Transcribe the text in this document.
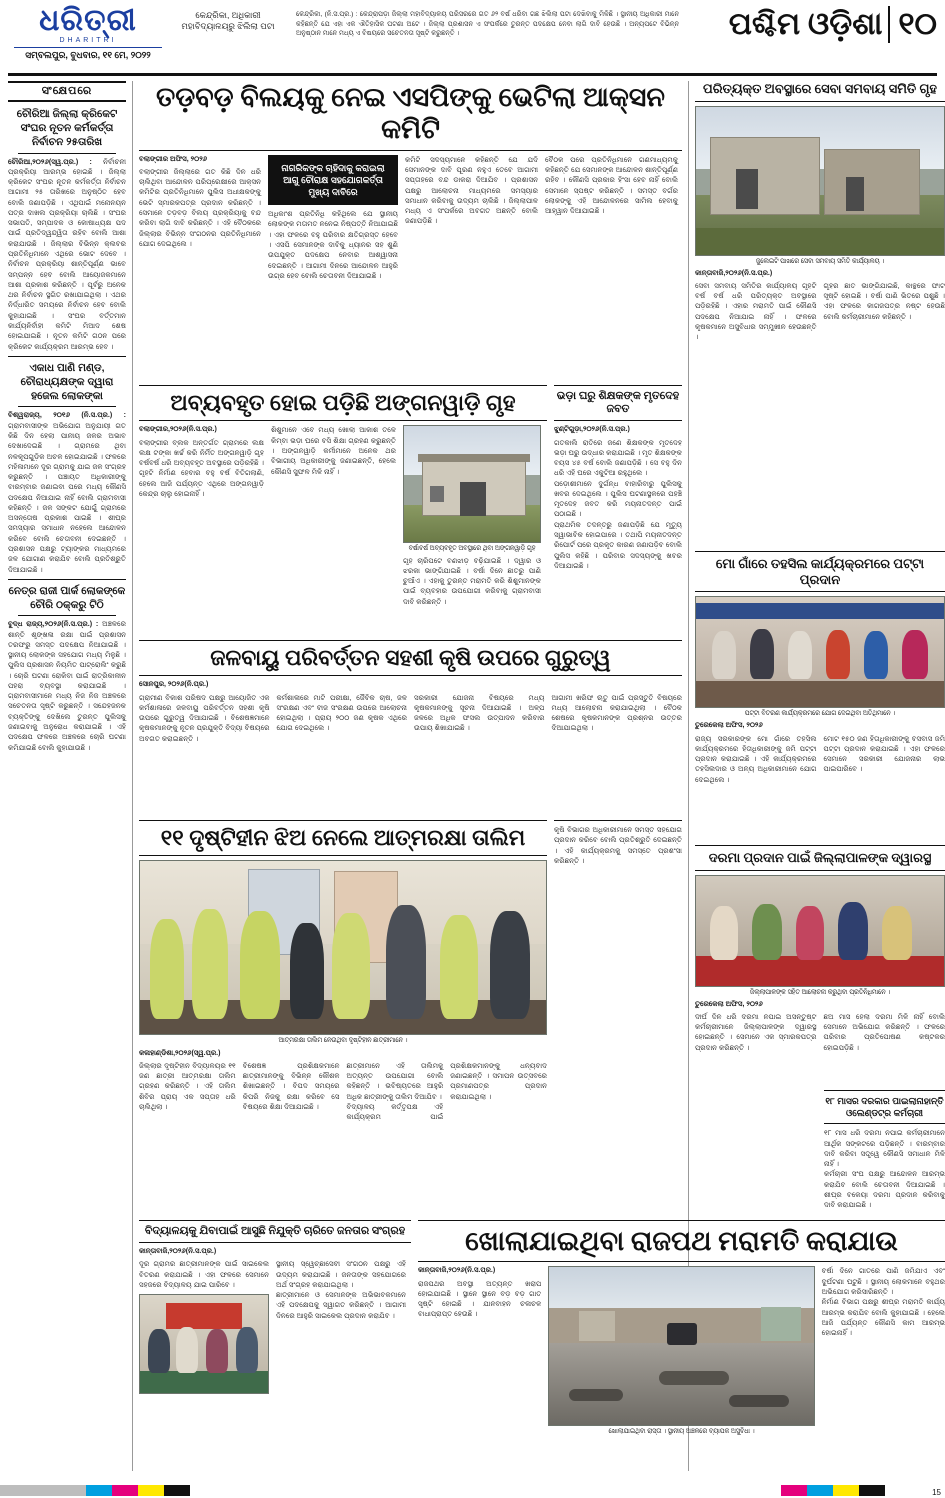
ଧରିତ୍ରୀ
DHARITRI
ସମ୍ବଲପୁର, ବୁଧବାର, ୧୧ ମେ, ୨୦୨୨
କେନ୍ଦ୍ରିକା, ଅଧିକାରୀ ମହାବିଦ୍ୟାଳୟରୁ ଝିଲିଲା ପଟା
କେନ୍ଦ୍ରିକା, (ନି.ସ.ପ୍ର.) : କେନ୍ଦ୍ରାପଡ଼ା ଜିଲ୍ଲା ମହାବିଦ୍ୟାଳୟ ପରିସରରେ ଗତ ୬୨ ବର୍ଷ ଧରିବା ଗଛ ଝିଲିଲା ପଟା ଦେଖିବାକୁ ମିଳିଛି । ସ୍ଥାନୀୟ ଅଧିକାରୀ ମାନେ କହିଛନ୍ତି ଯେ ଏହା ଏକ ଐତିହାସିକ ଘଟଣା ଅଟେ । ଜିଲ୍ଲା ପ୍ରଶାସନ ଏ ସଂପର୍କରେ ତୁରନ୍ତ ପଦକ୍ଷେପ ନେବା ଲାଗି ଦାବି ହେଉଛି । ଅନ୍ୟପଟେ ବିଭିନ୍ନ ଅନୁଷ୍ଠାନ ମାନେ ମଧ୍ୟ ଏ ବିଷୟରେ ସଚେତନତା ସୃଷ୍ଟି କରୁଛନ୍ତି ।	ପଶ୍ଚିମ ଓଡ଼ିଶା ୧୦
ସଂକ୍ଷେପରେ
ଚୌରିଆ ଜିଲ୍ଲା କ୍ରିକେଟ ସଂଘର ନୂତନ କର୍ମକର୍ତ୍ତା ନିର୍ବାଚନ ୨୫ତାରିଖ
ଚୌରିଆ,୨୦୨୬(ସ୍ୱ.ପ୍ର.) : ନିର୍ବାଚନୀ ପ୍ରକ୍ରିୟା ଆରମ୍ଭ ହୋଇଛି । ଜିଲ୍ଲା କ୍ରିକେଟ ସଂଘର ନୂତନ କର୍ମକର୍ତ୍ତା ନିର୍ବାଚନ ଆଗାମୀ ୨୫ ତାରିଖରେ ଅନୁଷ୍ଠିତ ହେବ ବୋଲି ଜଣାପଡ଼ିଛି । ଏଥିପାଇଁ ମନୋନୟନ ପତ୍ର ଦାଖଲ ପ୍ରକ୍ରିୟା ଚାଲିଛି । ସଂଘର ସଭାପତି, ସମ୍ପାଦକ ଓ କୋଷାଧ୍ୟକ୍ଷ ପଦ ପାଇଁ ପ୍ରତିଦ୍ୱନ୍ଦ୍ୱିତା ରହିବ ବୋଲି ଆଶା କରାଯାଉଛି । ଜିଲ୍ଲାର ବିଭିନ୍ନ କ୍ଲବର ପ୍ରତିନିଧିମାନେ ଏଥିରେ ଭୋଟ ଦେବେ । ନିର୍ବାଚନ ପ୍ରକ୍ରିୟା ଶାନ୍ତିପୂର୍ଣ୍ଣ ଭାବେ ସମ୍ପନ୍ନ ହେବ ବୋଲି ଆୟୋଜକମାନେ ଆଶା ପ୍ରକାଶ କରିଛନ୍ତି । ପୂର୍ବରୁ ଅନେକ ଥର ନିର୍ବାଚନ ସ୍ଥଗିତ ରଖାଯାଇଥିଲା । ଏଥର ନିର୍ଦ୍ଧାରିତ ସମୟରେ ନିର୍ବାଚନ ହେବ ବୋଲି କୁହାଯାଇଛି । ସଂଘର ବର୍ତ୍ତମାନ କାର୍ଯ୍ୟନିର୍ବାହୀ କମିଟି ମିଆଦ ଶେଷ ହୋଇଯାଇଛି । ନୂତନ କମିଟି ଗଠନ ପରେ କ୍ରିକେଟ କାର୍ଯ୍ୟକ୍ରମ ଆରମ୍ଭ ହେବ ।
ଏକାଧ ପାଣି ମଣ୍ଡ, ଚୌରାଧ୍ୟକ୍ଷଙ୍କ ଦ୍ୱାରା ହଜେଲ ଲୋକଙ୍କା
ବିଶ୍ୱରାଜ୍ୟ, ୨୦୧୬ (ନି.ସ.ପ୍ର.) : ଗ୍ରାମବାସୀଙ୍କ ଅଭିଯୋଗ ଅନୁଯାୟୀ ଗତ କିଛି ଦିନ ହେଲା ପାନୀୟ ଜଳର ଅଭାବ ଦେଖାଦେଇଛି । ଗ୍ରାମରେ ଥିବା ନଳକୂପଗୁଡ଼ିକ ଅଚଳ ହୋଇଯାଇଛି । ଫଳରେ ମହିଳାମାନେ ଦୂର ଗ୍ରାମକୁ ଯାଇ ଜଳ ସଂଗ୍ରହ କରୁଛନ୍ତି । ପଞ୍ଚାୟତ ଅଧିକାରୀଙ୍କୁ ବାରମ୍ବାର ଜଣାଇବା ପରେ ମଧ୍ୟ କୌଣସି ପଦକ୍ଷେପ ନିଆଯାଇ ନାହିଁ ବୋଲି ଗ୍ରାମବାସୀ କହିଛନ୍ତି । ଜଳ ସଙ୍କଟ ଯୋଗୁଁ ଗ୍ରାମରେ ଅସନ୍ତୋଷ ପ୍ରକାଶ ପାଇଛି । ଶୀଘ୍ର ସମସ୍ୟାର ସମାଧାନ ନହେଲେ ଆନ୍ଦୋଳନ କରିବେ ବୋଲି ଚେତାବନୀ ଦେଇଛନ୍ତି । ପ୍ରଶାସନ ପକ୍ଷରୁ ଟ୍ୟାଙ୍କର ମାଧ୍ୟମରେ ଜଳ ଯୋଗାଣ କରାଯିବ ବୋଲି ପ୍ରତିଶ୍ରୁତି ଦିଆଯାଇଛି ।
ନେତ୍ର ରାଜୀ ପାର୍କ ଲୋକଙ୍କେ ଚୌରି ଠକ୍କରୁ ଟିଠି
ବୁଦ୍ଧ ରାଜ୍ୟ,୨୦୨୬(ନି.ସ.ପ୍ର.) : ଅଞ୍ଚଳରେ ଶାନ୍ତି ଶୃଙ୍ଖଳା ରକ୍ଷା ପାଇଁ ପ୍ରଶାସନ ତରଫରୁ ସମସ୍ତ ପଦକ୍ଷେପ ନିଆଯାଇଛି । ସ୍ଥାନୀୟ ଲୋକଙ୍କ ସହଯୋଗ ମଧ୍ୟ ମିଳୁଛି । ପୁଲିସ ପ୍ରଶାସନ ନିୟମିତ ପାଟ୍ରୋଲିଂ କରୁଛି । ଚୋରି ଘଟଣା ରୋକିବା ପାଇଁ ରାତ୍ରିକାଳୀନ ପହରା ବ୍ୟବସ୍ଥା କରାଯାଇଛି । ଗ୍ରାମବାସୀମାନେ ମଧ୍ୟ ନିଜ ନିଜ ଅଞ୍ଚଳରେ ସଚେତନତା ସୃଷ୍ଟି କରୁଛନ୍ତି । ସନ୍ଦେହଜନକ ବ୍ୟକ୍ତିଙ୍କୁ ଦେଖିଲେ ତୁରନ୍ତ ପୁଲିସକୁ ଜଣାଇବାକୁ ଅନୁରୋଧ କରାଯାଇଛି । ଏହି ପଦକ୍ଷେପ ଫଳରେ ଅଞ୍ଚଳରେ ଚୋରି ଘଟଣା କମିଯାଇଛି ବୋଲି କୁହାଯାଉଛି ।
ତଡ଼ବଡ଼ ବିଲୟକୁ ନେଇ ଏସପିଙ୍କୁ ଭେଟିଲା ଆକ୍ସନ କମିଟି
ବଲାଙ୍ଗୀର ଅଫିସ, ୨୦୨୬
ବଲାଙ୍ଗୀର ଜିଲ୍ଲାରେ ଗତ କିଛି ଦିନ ଧରି ଚାଲିଥିବା ଆନ୍ଦୋଳନ ପରିପ୍ରେକ୍ଷୀରେ ଆକ୍ସନ କମିଟିର ପ୍ରତିନିଧିମାନେ ପୁଲିସ ଅଧୀକ୍ଷକଙ୍କୁ ଭେଟି ସ୍ମାରକପତ୍ର ପ୍ରଦାନ କରିଛନ୍ତି । ସେମାନେ ତଡ଼ବଡ଼ ବିଲୟ ପ୍ରକ୍ରିୟାକୁ ବନ୍ଦ କରିବା ଲାଗି ଦାବି କରିଛନ୍ତି । ଏହି ବୈଠକରେ ଜିଲ୍ଲାର ବିଭିନ୍ନ ସଂଗଠନର ପ୍ରତିନିଧିମାନେ ଯୋଗ ଦେଇଥିଲେ ।
ନାଗରିକଙ୍କ ଚାହିଦାକୁ କରାଇଲା ଆଗୁ ଚୌରାକ୍ଷ ସହଯୋଗକର୍ତ୍ତା ମୁଖ୍ୟ ଦାବିରେ
ଅଧିକାଂଶ ପ୍ରତିନିଧି କହିଥିଲେ ଯେ ସ୍ଥାନୀୟ ଲୋକଙ୍କ ମତାମତ ନନେଇ ନିଷ୍ପତ୍ତି ନିଆଯାଇଛି । ଏହା ଫଳରେ ବହୁ ପରିବାର କ୍ଷତିଗ୍ରସ୍ତ ହେବେ । ଏସପି ସେମାନଙ୍କ ଦାବିକୁ ଧ୍ୟାନର ସହ ଶୁଣି ଉପଯୁକ୍ତ ପଦକ୍ଷେପ ନେବାର ଆଶ୍ୱାସନା ଦେଇଛନ୍ତି । ଆଗାମୀ ଦିନରେ ଆନ୍ଦୋଳନ ଆହୁରି ଉଗ୍ର ହେବ ବୋଲି ଚେତାବନୀ ଦିଆଯାଇଛି ।
କମିଟି ସଦସ୍ୟମାନେ କହିଛନ୍ତି ଯେ ଯଦି ସେମାନଙ୍କ ଦାବି ପୂରଣ ନହୁଏ ତେବେ ଆଗାମୀ ସପ୍ତାହରେ ବନ୍ଦ ଡାକରା ଦିଆଯିବ । ପ୍ରଶାସନ ପକ୍ଷରୁ ଆଲୋଚନା ମାଧ୍ୟମରେ ସମସ୍ୟାର ସମାଧାନ କରିବାକୁ ଉଦ୍ୟମ ଚାଲିଛି । ଜିଲ୍ଲାପାଳ ମଧ୍ୟ ଏ ସଂପର୍କରେ ଅବଗତ ଅଛନ୍ତି ବୋଲି ଜଣାପଡ଼ିଛି ।
ବୈଠକ ପରେ ପ୍ରତିନିଧିମାନେ ଗଣମାଧ୍ୟମକୁ କହିଛନ୍ତି ଯେ ସେମାନଙ୍କ ଆନ୍ଦୋଳନ ଶାନ୍ତିପୂର୍ଣ୍ଣ ରହିବ । କୌଣସି ପ୍ରକାର ହିଂସା ହେବ ନାହିଁ ବୋଲି ସେମାନେ ସ୍ପଷ୍ଟ କରିଛନ୍ତି । ସମସ୍ତ ବର୍ଗର ଲୋକଙ୍କୁ ଏହି ଆନ୍ଦୋଳନରେ ସାମିଲ ହେବାକୁ ଆହ୍ୱାନ ଦିଆଯାଇଛି ।
ପରିତ୍ୟକ୍ତ ଅବସ୍ଥାରେ ସେବା ସମବାୟ ସମିତି ଗୃହ
ଜୁଲେଇଟି ପାଖରେ ସେବା ସମବାୟ ସମିତି କାର୍ଯ୍ୟାଳୟ ।
କାନ୍ତାବାଜି,୨୦୨୬(ନି.ସ.ପ୍ର.)
ସେବା ସମବାୟ ସମିତିର କାର୍ଯ୍ୟାଳୟ ଗୃହଟି ବର୍ଷ ବର୍ଷ ଧରି ପରିତ୍ୟକ୍ତ ଅବସ୍ଥାରେ ପଡ଼ିରହିଛି । ଏହାର ମରାମତି ପାଇଁ କୌଣସି ପଦକ୍ଷେପ ନିଆଯାଇ ନାହିଁ । ଫଳରେ କୃଷକମାନେ ଅସୁବିଧାର ସମ୍ମୁଖୀନ ହେଉଛନ୍ତି ।
ଗୃହର ଛାତ ଭାଙ୍ଗିଯାଇଛି, କାନ୍ଥରେ ଫାଟ ସୃଷ୍ଟି ହୋଇଛି । ବର୍ଷା ପାଣି ଭିତରେ ପଶୁଛି । ଏହା ଫଳରେ କାଗଜପତ୍ର ନଷ୍ଟ ହେଉଛି ବୋଲି କର୍ମଚାରୀମାନେ କହିଛନ୍ତି ।
ଅବ୍ୟବହୃତ ହୋଇ ପଡ଼ିଛି ଅଙ୍ଗନୱାଡ଼ି ଗୃହ
ବଲାଙ୍ଗୀର,୨୦୨୬(ନି.ସ.ପ୍ର.)
ବଲାଙ୍ଗୀର ବ୍ଲକ ଅନ୍ତର୍ଗତ ଗ୍ରାମରେ ଲକ୍ଷ ଲକ୍ଷ ଟଙ୍କା ଖର୍ଚ୍ଚ କରି ନିର୍ମିତ ଅଙ୍ଗନୱାଡ଼ି ଗୃହ ବର୍ଷବର୍ଷ ଧରି ଅବ୍ୟବହୃତ ଅବସ୍ଥାରେ ପଡ଼ିରହିଛି । ଗୃହଟି ନିର୍ମାଣ ହେବାର ବହୁ ବର୍ଷ ବିତିଗଲାଣି, ହେଲେ ଆଜି ପର୍ଯ୍ୟନ୍ତ ଏଥିରେ ଅଙ୍ଗନୱାଡ଼ି କେନ୍ଦ୍ର ଚାଲୁ ହୋଇନାହିଁ ।
ଶିଶୁମାନେ ଏବେ ମଧ୍ୟ ଖୋଲା ଆକାଶ ତଳେ କିମ୍ବା ଭଡ଼ା ଘରେ ବସି ଶିକ୍ଷା ଗ୍ରହଣ କରୁଛନ୍ତି । ଅଙ୍ଗନୱାଡ଼ି କର୍ମୀମାନେ ଅନେକ ଥର ବିଭାଗୀୟ ଅଧିକାରୀଙ୍କୁ ଜଣାଇଛନ୍ତି, ହେଲେ କୌଣସି ସୁଫଳ ମିଳି ନାହିଁ ।
ବର୍ଷାବର୍ଷ ଅବ୍ୟବହୃତ ଅବସ୍ଥାରେ ଥିବା ଅଙ୍ଗନୱାଡ଼ି ଗୃହ
ଗୃହ ଚାରିପଟେ ବଣଝାଡ଼ ବଢ଼ିଯାଇଛି । ଦ୍ୱାର ଓ ଝରକା ଭାଙ୍ଗିଯାଇଛି । ବର୍ଷା ଦିନେ ଛାତରୁ ପାଣି ଚୁଆଁଏ । ଏହାକୁ ତୁରନ୍ତ ମରାମତି କରି ଶିଶୁମାନଙ୍କ ପାଇଁ ବ୍ୟବହାର ଉପଯୋଗୀ କରିବାକୁ ଗ୍ରାମବାସୀ ଦାବି କରିଛନ୍ତି ।
ଭଡ଼ା ଘରୁ ଶିକ୍ଷକଙ୍କ ମୃତଦେହ ଜବତ
ଝୁଣ୍ଟିଗୁଡ଼ା,୨୦୨୬(ନି.ସ.ପ୍ର.)
ଗତକାଲି ରାତିରେ ଜଣେ ଶିକ୍ଷକଙ୍କ ମୃତଦେହ ଭଡ଼ା ଘରୁ ଉଦ୍ଧାର କରାଯାଇଛି । ମୃତ ଶିକ୍ଷକଙ୍କ ବୟସ ୪୫ ବର୍ଷ ବୋଲି ଜଣାପଡ଼ିଛି । ସେ ବହୁ ଦିନ ଧରି ଏହି ଘରେ ଏକୁଟିଆ ରହୁଥିଲେ ।
ପଡ଼ୋଶୀମାନେ ଦୁର୍ଗନ୍ଧ ବାହାରିବାରୁ ପୁଲିସକୁ ଖବର ଦେଇଥିଲେ । ପୁଲିସ ଘଟଣାସ୍ଥଳରେ ପହଞ୍ଚି ମୃତଦେହ ଜବତ କରି ମୟନାତଦନ୍ତ ପାଇଁ ପଠାଇଛି ।
ପ୍ରାଥମିକ ତଦନ୍ତରୁ ଜଣାପଡ଼ିଛି ଯେ ମୃତ୍ୟୁ ସ୍ୱାଭାବିକ ହୋଇପାରେ । ତଥାପି ମୟନାତଦନ୍ତ ରିପୋର୍ଟ ପରେ ପ୍ରକୃତ କାରଣ ଜଣାପଡ଼ିବ ବୋଲି ପୁଲିସ କହିଛି । ପରିବାର ସଦସ୍ୟଙ୍କୁ ଖବର ଦିଆଯାଇଛି ।	ମୋ ଗାଁରେ ତହସିଲ କାର୍ଯ୍ୟକ୍ରମରେ ପଟ୍ଟା ପ୍ରଦାନ
ପଟ୍ଟା ବିତରଣ କାର୍ଯ୍ୟକ୍ରମରେ ଯୋଗ ଦେଇଥିବା ଅତିଥିମାନେ ।
ତୁରେକେଲା ଅଫିସ, ୨୦୨୬
ରାଜ୍ୟ ସରକାରଙ୍କ ମୋ ଗାଁରେ ତହସିଲ କାର୍ଯ୍ୟକ୍ରମରେ ହିତାଧିକାରୀଙ୍କୁ ଜମି ପଟ୍ଟା ପ୍ରଦାନ କରାଯାଇଛି । ଏହି କାର୍ଯ୍ୟକ୍ରମରେ ତହସିଲଦାର ଓ ଅନ୍ୟ ଅଧିକାରୀମାନେ ଯୋଗ ଦେଇଥିଲେ ।
ମୋଟ ୧୫୦ ଜଣ ହିତାଧିକାରୀଙ୍କୁ ବସବାସ ଜମି ପଟ୍ଟା ପ୍ରଦାନ କରାଯାଇଛି । ଏହା ଫଳରେ ସେମାନେ ସରକାରୀ ଯୋଜନାର ଲାଭ ପାଇପାରିବେ ।
ଜଳବାୟୁ ପରିବର୍ତ୍ତନ ସହଶୀ କୃଷି ଉପରେ ଗୁରୁତ୍ୱ
ସୋନପୁର, ୨୦୨୬(ନି.ପ୍ର.)
ଗ୍ରାମୀଣ ବିକାଶ ପରିଷଦ ପକ୍ଷରୁ ଆୟୋଜିତ ଏକ କର୍ମଶାଳାରେ ଜଳବାୟୁ ପରିବର୍ତ୍ତନ ସହଶୀ କୃଷି ଉପରେ ଗୁରୁତ୍ୱ ଦିଆଯାଇଛି । ବିଶେଷଜ୍ଞମାନେ କୃଷକମାନଙ୍କୁ ନୂତନ ପ୍ରଯୁକ୍ତି ବିଦ୍ୟା ବିଷୟରେ ଅବଗତ କରାଇଛନ୍ତି ।
କର୍ମଶାଳାରେ ମାଟି ପରୀକ୍ଷା, ଜୈବିକ ଚାଷ, ଜଳ ସଂରକ୍ଷଣ ଏବଂ ବୀଜ ସଂରକ୍ଷଣ ଉପରେ ଆଲୋଚନା ହୋଇଥିଲା । ପ୍ରାୟ ୨୦୦ ଜଣ କୃଷକ ଏଥିରେ ଯୋଗ ଦେଇଥିଲେ ।
ସରକାରୀ ଯୋଜନା ବିଷୟରେ ମଧ୍ୟ କୃଷକମାନଙ୍କୁ ସୂଚନା ଦିଆଯାଇଛି । ଅଳ୍ପ ଜଳରେ ଅଧିକ ଫସଲ ଉତ୍ପାଦନ କରିବାର ଉପାୟ ଶିଖାଯାଇଛି ।
ଆଗାମୀ ଖରିଫ ଋତୁ ପାଇଁ ପ୍ରସ୍ତୁତି ବିଷୟରେ ମଧ୍ୟ ଆଲୋଚନା କରାଯାଇଥିଲା । ବୈଠକ ଶେଷରେ କୃଷକମାନଙ୍କ ପ୍ରଶ୍ନର ଉତ୍ତର ଦିଆଯାଇଥିଲା ।
୧୧ ଦୃଷ୍ଟିହୀନ ଝିଅ ନେଲେ ଆତ୍ମରକ୍ଷା ତାଲିମ
ଆତ୍ମରକ୍ଷା ତାଲିମ ନେଉଥିବା ଦୃଷ୍ଟିହୀନ ଛାତ୍ରୀମାନେ ।
କଳାହାଣ୍ଡିଶା,୨୦୨୬(ସ୍ୱ.ପ୍ର.)
ଜିଲ୍ଲାର ଦୃଷ୍ଟିହୀନ ବିଦ୍ୟାଳୟର ୧୧ ଜଣ ଛାତ୍ରୀ ଆତ୍ମରକ୍ଷା ତାଲିମ ଗ୍ରହଣ କରିଛନ୍ତି । ଏହି ତାଲିମ ଶିବିର ପ୍ରାୟ ଏକ ସପ୍ତାହ ଧରି ଚାଲିଥିଲା ।
ବିଶେଷଜ୍ଞ ପ୍ରଶିକ୍ଷକମାନେ ଛାତ୍ରୀମାନଙ୍କୁ ବିଭିନ୍ନ କୌଶଳ ଶିଖାଇଛନ୍ତି । ବିପଦ ସମୟରେ କିପରି ନିଜକୁ ରକ୍ଷା କରିବେ ସେ ବିଷୟରେ ଶିକ୍ଷା ଦିଆଯାଇଛି ।
ଛାତ୍ରୀମାନେ ଏହି ତାଲିମକୁ ଅତ୍ୟନ୍ତ ଉପଯୋଗୀ ବୋଲି କହିଛନ୍ତି । ଭବିଷ୍ୟତରେ ଆହୁରି ଅଧିକ ଛାତ୍ରୀଙ୍କୁ ତାଲିମ ଦିଆଯିବ ।
ବିଦ୍ୟାଳୟ କର୍ତ୍ତୃପକ୍ଷ ଏହି କାର୍ଯ୍ୟକ୍ରମ ପାଇଁ ପ୍ରଶିକ୍ଷକମାନଙ୍କୁ ଧନ୍ୟବାଦ ଜଣାଇଛନ୍ତି । ସମାପନ ଉତ୍ସବରେ ପ୍ରମାଣପତ୍ର ପ୍ରଦାନ କରାଯାଇଥିଲା ।
କୃଷି ବିଭାଗର ଅଧିକାରୀମାନେ ସମସ୍ତ ସହଯୋଗ ପ୍ରଦାନ କରିବେ ବୋଲି ପ୍ରତିଶ୍ରୁତି ଦେଇଛନ୍ତି । ଏହି କାର୍ଯ୍ୟକ୍ରମକୁ ସମସ୍ତେ ପ୍ରଶଂସା କରିଛନ୍ତି ।	ଦରମା ପ୍ରଦାନ ପାଇଁ ଜିଲ୍ଲାପାଳଙ୍କ ଦ୍ୱାରସ୍ଥ
ଜିଲ୍ଲାପାଳଙ୍କ ସହିତ ଆଲୋଚନା କରୁଥିବା ପ୍ରତିନିଧିମାନେ ।
ତୁରେକେଲା ଅଫିସ, ୨୦୨୬
ଦୀର୍ଘ ଦିନ ଧରି ଦରମା ନପାଇ ଅସନ୍ତୁଷ୍ଟ କର୍ମଚାରୀମାନେ ଜିଲ୍ଲାପାଳଙ୍କ ଦ୍ୱାରସ୍ଥ ହୋଇଛନ୍ତି । ସେମାନେ ଏକ ସ୍ମାରକପତ୍ର ପ୍ରଦାନ କରିଛନ୍ତି ।
ଛଅ ମାସ ହେଲା ଦରମା ମିଳି ନାହିଁ ବୋଲି ସେମାନେ ଅଭିଯୋଗ କରିଛନ୍ତି । ଫଳରେ ପରିବାର ପ୍ରତିପୋଷଣ କଷ୍ଟକର ହୋଇପଡ଼ିଛି ।
୧୮ ମାସର ଦରକାର ପାଇଲାନାହାନ୍ତି ଓଲେଣ୍ଡଟ୍ର କର୍ମଚାରୀ
୧୮ ମାସ ଧରି ଦରମା ନପାଇ କର୍ମଚାରୀମାନେ ଆର୍ଥିକ ସଙ୍କଟରେ ପଡ଼ିଛନ୍ତି । ବାରମ୍ବାର ଦାବି କରିବା ସତ୍ତ୍ୱେ କୌଣସି ସମାଧାନ ମିଳି ନାହିଁ ।
କର୍ମଚାରୀ ସଂଘ ପକ୍ଷରୁ ଆନ୍ଦୋଳନ ଆରମ୍ଭ କରାଯିବ ବୋଲି ଚେତାବନୀ ଦିଆଯାଇଛି । ଶୀଘ୍ର ବକେୟା ଦରମା ପ୍ରଦାନ କରିବାକୁ ଦାବି କରାଯାଇଛି ।
ଖୋଲାଯାଇଥିବା ରାଜପଥ ମରାମତି କରାଯାଉ
କାନ୍ତାବାଜି,୨୦୨୬(ନି.ସ.ପ୍ର.)
ରାଜପଥର ଅବସ୍ଥା ଅତ୍ୟନ୍ତ ଖରାପ ହୋଇଯାଇଛି । ସ୍ଥାନେ ସ୍ଥାନେ ବଡ଼ ବଡ଼ ଗାତ ସୃଷ୍ଟି ହୋଇଛି । ଯାନବାହନ ଚଳାଚଳ ବାଧାପ୍ରାପ୍ତ ହେଉଛି ।
ଖୋଲାଯାଇଥିବା ରାସ୍ତା । ସ୍ଥାନୀୟ ଅଞ୍ଚଳରେ ବ୍ୟାପକ ଅସୁବିଧା ।
ବର୍ଷା ଦିନେ ଗାତରେ ପାଣି ଜମିଯାଏ ଏବଂ ଦୁର୍ଘଟଣା ଘଟୁଛି । ସ୍ଥାନୀୟ ଲୋକମାନେ ବହୁଥର ଅଭିଯୋଗ କରିସାରିଛନ୍ତି ।
ନିର୍ମାଣ ବିଭାଗ ପକ୍ଷରୁ ଶୀଘ୍ର ମରାମତି କାର୍ଯ୍ୟ ଆରମ୍ଭ କରାଯିବ ବୋଲି କୁହାଯାଇଛି । ହେଲେ ଆଜି ପର୍ଯ୍ୟନ୍ତ କୌଣସି କାମ ଆରମ୍ଭ ହୋଇନାହିଁ ।
ବିଦ୍ୟାଳୟକୁ ଯିବାପାଇଁ ଆସୁଛି ନିଯୁକ୍ତି ଚାରିତେ ଜନତାର ସଂଗ୍ରହ
କାନ୍ତାବାଜି,୨୦୨୬(ନି.ସ.ପ୍ର.)
ଦୂର ଗ୍ରାମର ଛାତ୍ରୀମାନଙ୍କ ପାଇଁ ସାଇକେଲ ବିତରଣ କରାଯାଇଛି । ଏହା ଫଳରେ ସେମାନେ ସହଜରେ ବିଦ୍ୟାଳୟ ଯାଇ ପାରିବେ ।
ସ୍ଥାନୀୟ ସ୍ୱେଚ୍ଛାସେବୀ ସଂଗଠନ ପକ୍ଷରୁ ଏହି ଉଦ୍ୟମ କରାଯାଇଛି । ଜନତାଙ୍କ ସହଯୋଗରେ ଅର୍ଥ ସଂଗ୍ରହ କରାଯାଇଥିଲା ।
ଛାତ୍ରୀମାନେ ଓ ସେମାନଙ୍କ ଅଭିଭାବକମାନେ ଏହି ପଦକ୍ଷେପକୁ ସ୍ୱାଗତ କରିଛନ୍ତି । ଆଗାମୀ ଦିନରେ ଆହୁରି ସାଇକେଲ ପ୍ରଦାନ କରାଯିବ ।
15
